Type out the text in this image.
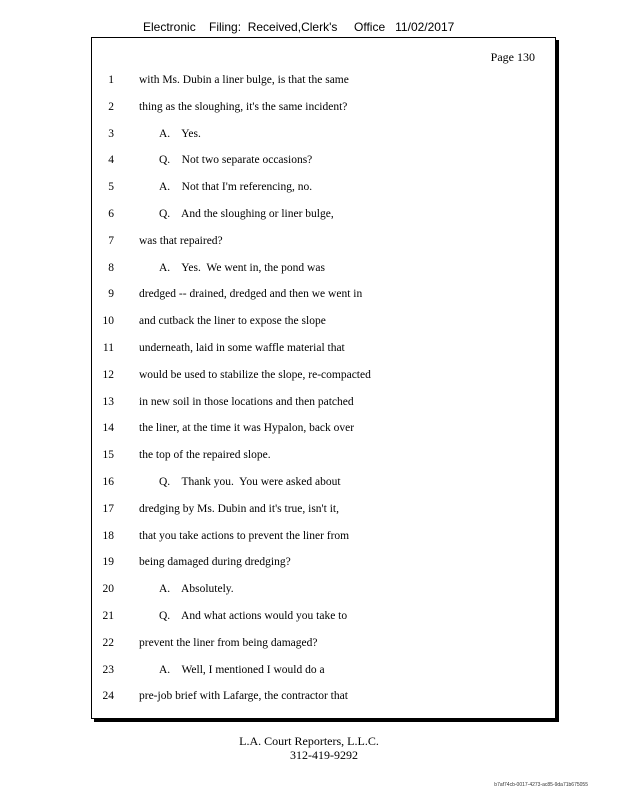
Electronic    Filing:  Received,Clerk's     Office   11/02/2017
Page 130
1 with Ms. Dubin a liner bulge, is that the same
2 thing as the sloughing, it's the same incident?
3	A.    Yes.
4	Q.    Not two separate occasions?
5	A.    Not that I'm referencing, no.
6	Q.    And the sloughing or liner bulge,
7 was that repaired?
8	A.    Yes.  We went in, the pond was
9 dredged -- drained, dredged and then we went in
10 and cutback the liner to expose the slope
11 underneath, laid in some waffle material that
12 would be used to stabilize the slope, re-compacted
13 in new soil in those locations and then patched
14 the liner, at the time it was Hypalon, back over
15 the top of the repaired slope.
16	Q.    Thank you.  You were asked about
17 dredging by Ms. Dubin and it's true, isn't it,
18 that you take actions to prevent the liner from
19 being damaged during dredging?
20	A.    Absolutely.
21	Q.    And what actions would you take to
22 prevent the liner from being damaged?
23	A.    Well, I mentioned I would do a
24 pre-job brief with Lafarge, the contractor that
L.A. Court Reporters, L.L.C.
312-419-9292
b7af74cb-0017-4273-ac85-9da71b675055
